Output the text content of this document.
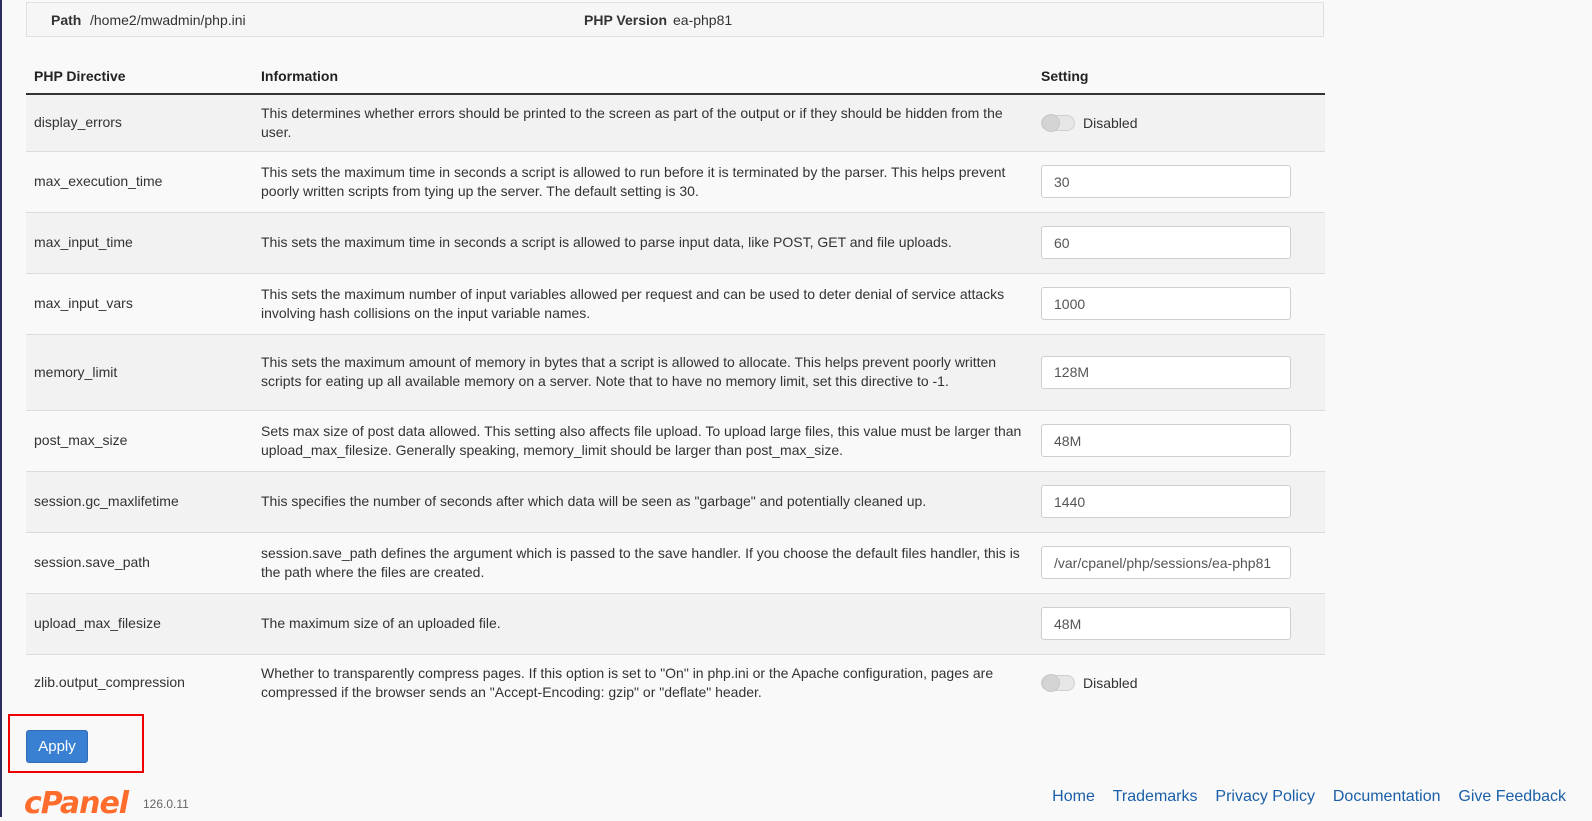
Path /home2/mwadmin/php.ini	PHP Version ea-php81
PHP Directive	Information	Setting
display_errors	This determines whether errors should be printed to the screen as part of the output or if they should be hidden from the user.	Disabled
max_execution_time	This sets the maximum time in seconds a script is allowed to run before it is terminated by the parser. This helps prevent poorly written scripts from tying up the server. The default setting is 30.	30
max_input_time	This sets the maximum time in seconds a script is allowed to parse input data, like POST, GET and file uploads.	60
max_input_vars	This sets the maximum number of input variables allowed per request and can be used to deter denial of service attacks involving hash collisions on the input variable names.	1000
memory_limit	This sets the maximum amount of memory in bytes that a script is allowed to allocate. This helps prevent poorly written scripts for eating up all available memory on a server. Note that to have no memory limit, set this directive to -1.	128M
post_max_size	Sets max size of post data allowed. This setting also affects file upload. To upload large files, this value must be larger than upload_max_filesize. Generally speaking, memory_limit should be larger than post_max_size.	48M
session.gc_maxlifetime	This specifies the number of seconds after which data will be seen as "garbage" and potentially cleaned up.	1440
session.save_path	session.save_path defines the argument which is passed to the save handler. If you choose the default files handler, this is the path where the files are created.	/var/cpanel/php/sessions/ea-php81
upload_max_filesize	The maximum size of an uploaded file.	48M
zlib.output_compression	Whether to transparently compress pages. If this option is set to "On" in php.ini or the Apache configuration, pages are compressed if the browser sends an "Accept-Encoding: gzip" or "deflate" header.	Disabled
Apply
cPanel 126.0.11	Home Trademarks Privacy Policy Documentation Give Feedback
